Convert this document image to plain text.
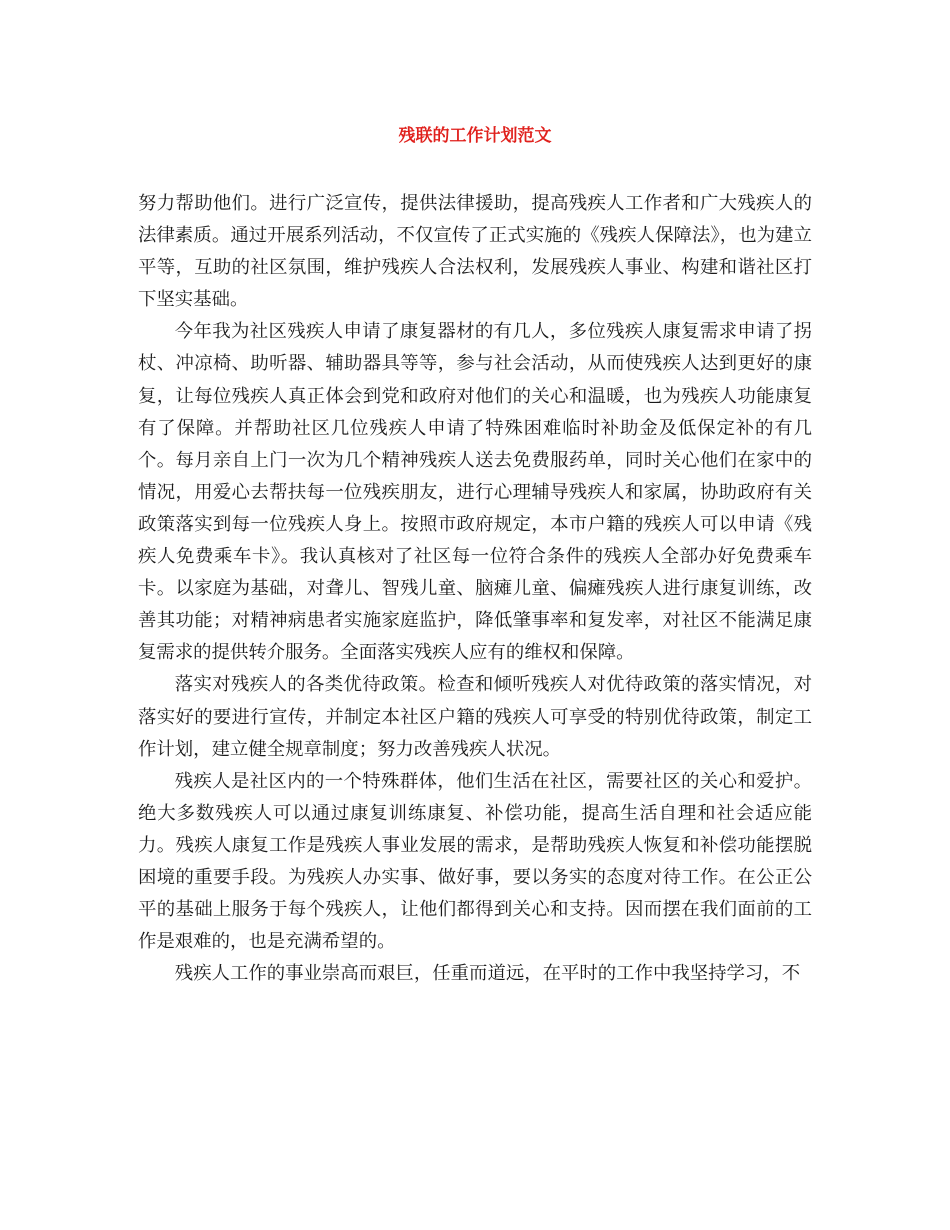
残联的工作计划范文

努力帮助他们。进行广泛宣传，提供法律援助，提高残疾人工作者和广大残疾人的法律素质。通过开展系列活动，不仅宣传了正式实施的《残疾人保障法》，也为建立平等，互助的社区氛围，维护残疾人合法权利，发展残疾人事业、构建和谐社区打下坚实基础。

今年我为社区残疾人申请了康复器材的有几人，多位残疾人康复需求申请了拐杖、冲凉椅、助听器、辅助器具等等，参与社会活动，从而使残疾人达到更好的康复，让每位残疾人真正体会到党和政府对他们的关心和温暖，也为残疾人功能康复有了保障。并帮助社区几位残疾人申请了特殊困难临时补助金及低保定补的有几个。每月亲自上门一次为几个精神残疾人送去免费服药单，同时关心他们在家中的情况，用爱心去帮扶每一位残疾朋友，进行心理辅导残疾人和家属，协助政府有关政策落实到每一位残疾人身上。按照市政府规定，本市户籍的残疾人可以申请《残疾人免费乘车卡》。我认真核对了社区每一位符合条件的残疾人全部办好免费乘车卡。以家庭为基础，对聋儿、智残儿童、脑瘫儿童、偏瘫残疾人进行康复训练，改善其功能；对精神病患者实施家庭监护，降低肇事率和复发率，对社区不能满足康复需求的提供转介服务。全面落实残疾人应有的维权和保障。

落实对残疾人的各类优待政策。检查和倾听残疾人对优待政策的落实情况，对落实好的要进行宣传，并制定本社区户籍的残疾人可享受的特别优待政策，制定工作计划，建立健全规章制度；努力改善残疾人状况。

残疾人是社区内的一个特殊群体，他们生活在社区，需要社区的关心和爱护。绝大多数残疾人可以通过康复训练康复、补偿功能，提高生活自理和社会适应能力。残疾人康复工作是残疾人事业发展的需求，是帮助残疾人恢复和补偿功能摆脱困境的重要手段。为残疾人办实事、做好事，要以务实的态度对待工作。在公正公平的基础上服务于每个残疾人，让他们都得到关心和支持。因而摆在我们面前的工作是艰难的，也是充满希望的。

残疾人工作的事业崇高而艰巨，任重而道远，在平时的工作中我坚持学习，不
